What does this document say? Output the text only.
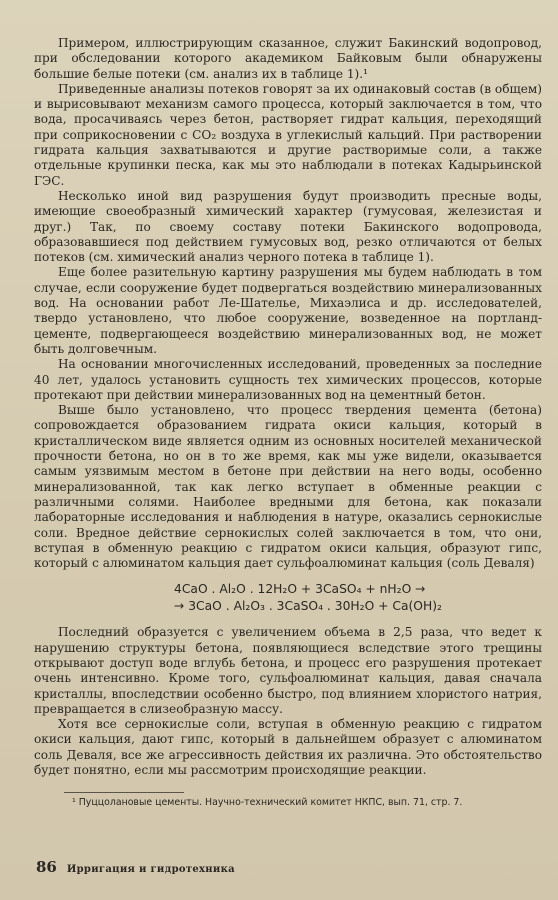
Примером, иллюстрирующим сказанное, служит Бакинский водопровод, при обследовании которого академиком Байковым были обнаружены большие белые потеки (см. анализ их в таблице 1).¹

Приведенные анализы потеков говорят за их одинаковый состав (в общем) и вырисовывают механизм самого процесса, который заключается в том, что вода, просачиваясь через бетон, растворяет гидрат кальция, переходящий при соприкосновении с CO₂ воздуха в углекислый кальций. При растворении гидрата кальция захватываются и другие растворимые соли, а также отдельные крупинки песка, как мы это наблюдали в потеках Кадырьинской ГЭС.

Несколько иной вид разрушения будут производить пресные воды, имеющие своеобразный химический характер (гумусовая, железистая и друг.) Так, по своему составу потеки Бакинского водопровода, образовавшиеся под действием гумусовых вод, резко отличаются от белых потеков (см. химический анализ черного потека в таблице 1).

Еще более разительную картину разрушения мы будем наблюдать в том случае, если сооружение будет подвергаться воздействию минерализованных вод. На основании работ Ле-Шателье, Михаэлиса и др. исследователей, твердо установлено, что любое сооружение, возведенное на портланд-цементе, подвергающееся воздействию минерализованных вод, не может быть долговечным.

На основании многочисленных исследований, проведенных за последние 40 лет, удалось установить сущность тех химических процессов, которые протекают при действии минерализованных вод на цементный бетон.

Выше было установлено, что процесс твердения цемента (бетона) сопровождается образованием гидрата окиси кальция, который в кристаллическом виде является одним из основных носителей механической прочности бетона, но он в то же время, как мы уже видели, оказывается самым уязвимым местом в бетоне при действии на него воды, особенно минерализованной, так как легко вступает в обменные реакции с различными солями. Наиболее вредными для бетона, как показали лабораторные исследования и наблюдения в натуре, оказались сернокислые соли. Вредное действие сернокислых солей заключается в том, что они, вступая в обменную реакцию с гидратом окиси кальция, образуют гипс, который с алюминатом кальция дает сульфоалюминат кальция (соль Деваля)

4CaO . Al₂O . 12H₂O + 3CaSO₄ + nH₂O →
→ 3CaO . Al₂O₃ . 3CaSO₄ . 30H₂O + Ca(OH)₂

Последний образуется с увеличением объема в 2,5 раза, что ведет к нарушению структуры бетона, появляющиеся вследствие этого трещины открывают доступ воде вглубь бетона, и процесс его разрушения протекает очень интенсивно. Кроме того, сульфоалюминат кальция, давая сначала кристаллы, впоследствии особенно быстро, под влиянием хлористого натрия, превращается в слизеобразную массу.

Хотя все сернокислые соли, вступая в обменную реакцию с гидратом окиси кальция, дают гипс, который в дальнейшем образует с алюминатом соль Деваля, все же агрессивность действия их различна. Это обстоятельство будет понятно, если мы рассмотрим происходящие реакции.

¹ Пуццолановые цементы. Научно-технический комитет НКПС, вып. 71, стр. 7.
86 Ирригация и гидротехника
